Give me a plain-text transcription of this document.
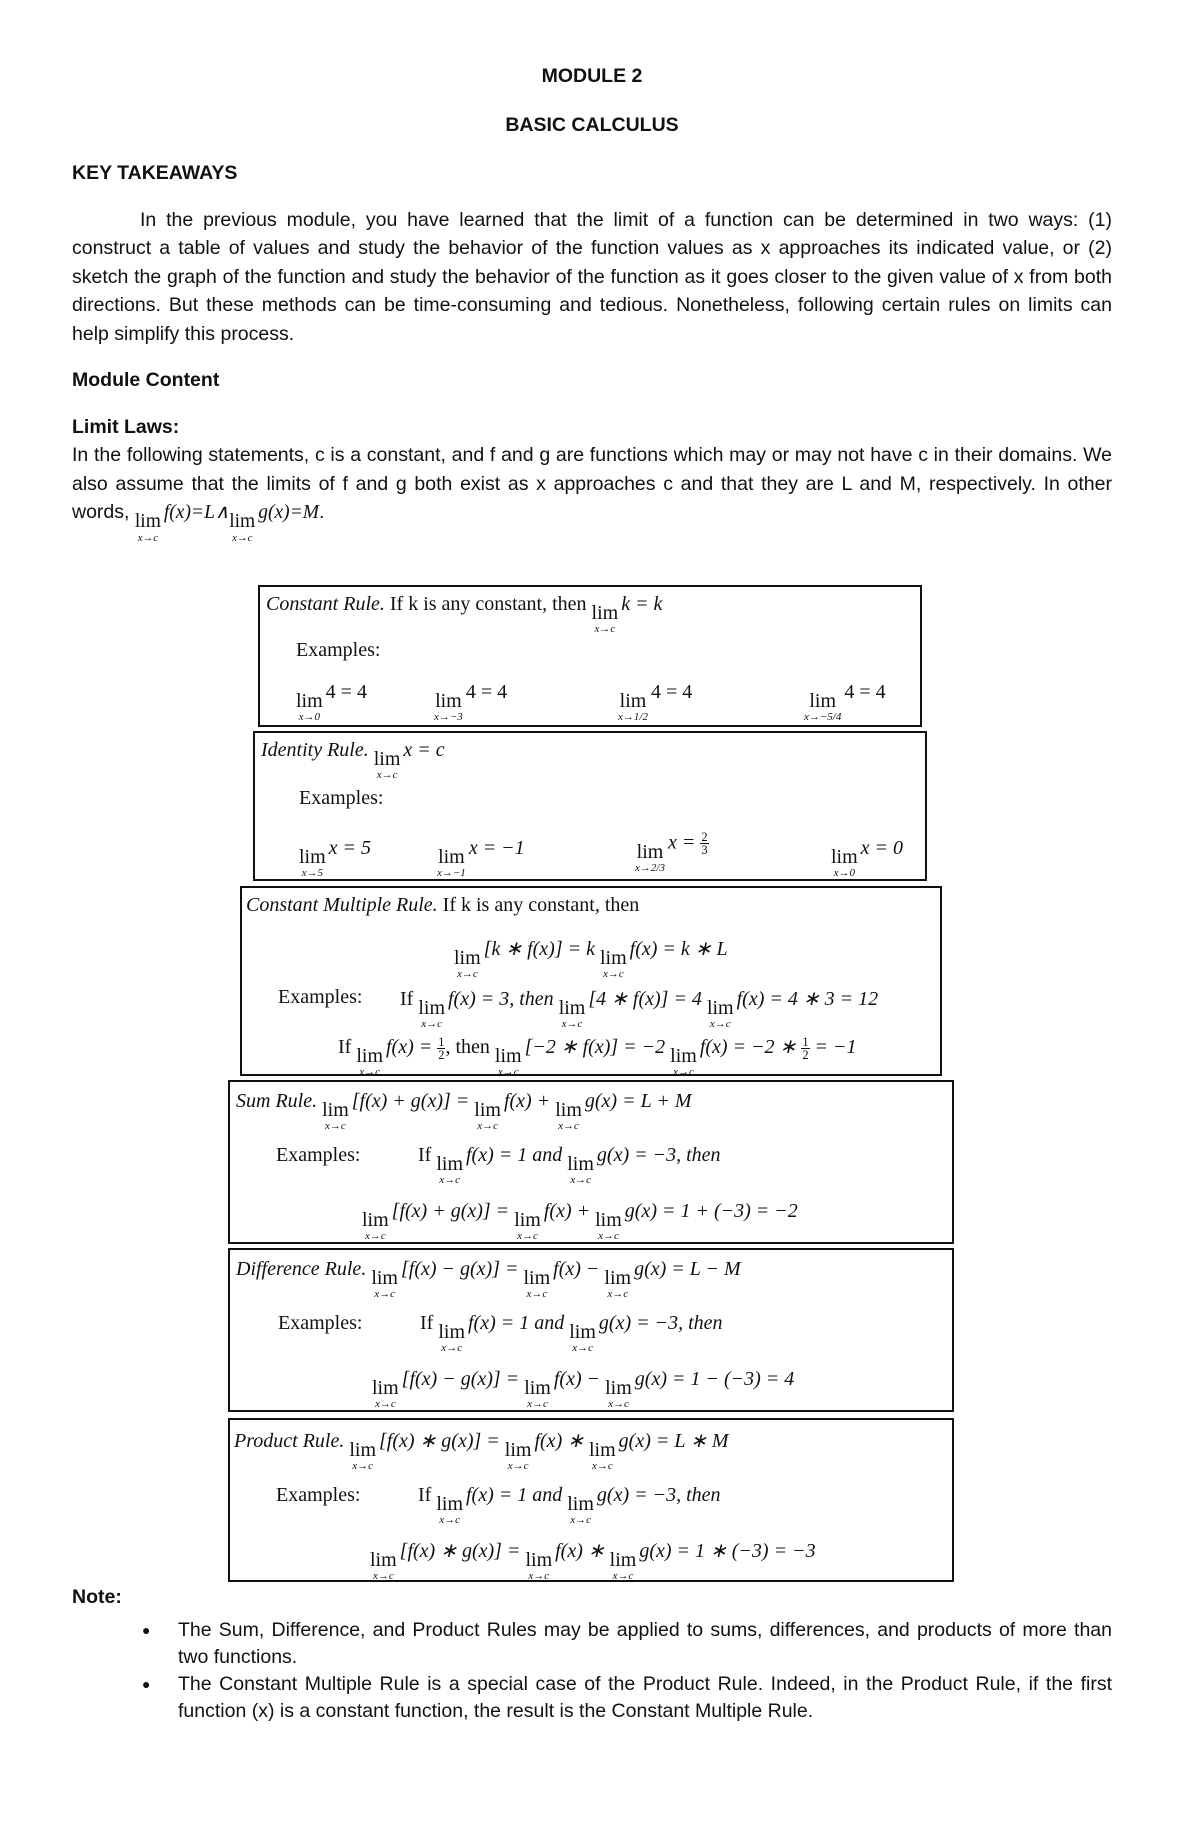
MODULE 2
BASIC CALCULUS
KEY TAKEAWAYS

In the previous module, you have learned that the limit of a function can be determined in two ways: (1) construct a table of values and study the behavior of the function values as x approaches its indicated value, or (2) sketch the graph of the function and study the behavior of the function as it goes closer to the given value of x from both directions. But these methods can be time-consuming and tedious. Nonetheless, following certain rules on limits can help simplify this process.

Module Content
Limit Laws:

In the following statements, c is a constant, and f and g are functions which may or may not have c in their domains. We also assume that the limits of f and g both exist as x approaches c and that they are L and M, respectively. In other words, lim
x→c
f(x)=L∧ lim
x→c
g(x)=M.

Constant Rule. If k is any constant, then lim
x→c
k = k
Examples:
lim
x→0
4 = 4	lim
x→−3
4 = 4	lim
x→1/2
4 = 4	lim
x→−5/4
4 = 4
Identity Rule. lim
x→c
x = c
Examples:
lim
x→5
x = 5	lim
x→−1
x = −1	lim
x→2/3
$x = \frac{2}{3}$
lim
x→0
x = 0
Constant Multiple Rule. If k is any constant, then
lim
x→c
[k ∗ f(x)] = k lim
x→c
f(x) = k ∗ L
Examples: If lim
x→c
f(x) = 3, then lim
x→c
[4 ∗ f(x)] = 4 lim
x→c
f(x) = 4 ∗ 3 = 12
If lim
x→c
$f(x) = \frac{1}{2}$ , then lim
x→c
[−2 ∗ f(x)] = −2 lim
x→c
f(x) = −2 ∗ $\frac{1}{2} = -1$
Sum Rule. lim
x→c
[f(x) + g(x)] = lim
x→c
f(x) + lim
x→c
g(x) = L + M
Examples:	If lim
x→c
f(x) = 1 and lim
x→c
g(x) = −3, then
lim
x→c
[f(x) + g(x)] = lim
x→c
f(x) + lim
x→c
g(x) = 1 + (−3) = −2
Difference Rule. lim
x→c
[f(x) − g(x)] = lim
x→c
f(x) − lim
x→c
g(x) = L − M
Examples:	If lim
x→c
f(x) = 1 and lim
x→c
g(x) = −3, then
lim
x→c
[f(x) − g(x)] = lim
x→c
f(x) − lim
x→c
g(x) = 1 − (−3) = 4
Product Rule. lim
x→c
[f(x) ∗ g(x)] = lim
x→c
f(x) ∗ lim
x→c
g(x) = L ∗ M
Examples:	If lim
x→c
f(x) = 1 and lim
x→c
g(x) = −3, then
lim
x→c
[f(x) ∗ g(x)] = lim
x→c
f(x) ∗ lim
x→c
g(x) = 1 ∗ (−3) = −3
Note:
● The Sum, Difference, and Product Rules may be applied to sums, differences, and products of more than two functions.
● The Constant Multiple Rule is a special case of the Product Rule. Indeed, in the Product Rule, if the first function (x) is a constant function, the result is the Constant Multiple Rule.
